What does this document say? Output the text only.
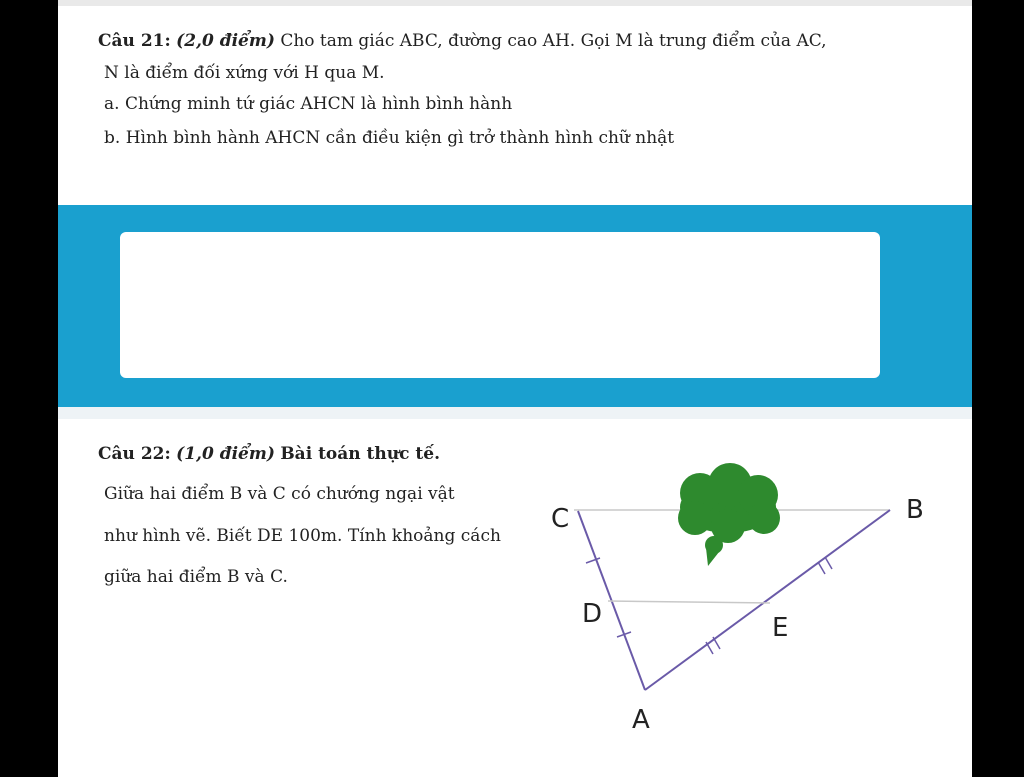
Câu 21: (2,0 điểm) Cho tam giác ABC, đường cao AH. Gọi M là trung điểm của AC,
N là điểm đối xứng với H qua M.
a. Chứng minh tứ giác AHCN là hình bình hành
b. Hình bình hành AHCN cần điều kiện gì trở thành hình chữ nhật
Câu 22: (1,0 điểm) Bài toán thực tế.
Giữa hai điểm B và C có chướng ngại vật
như hình vẽ. Biết DE 100m. Tính khoảng cách
giữa hai điểm B và C.
C	B
D	E
A
